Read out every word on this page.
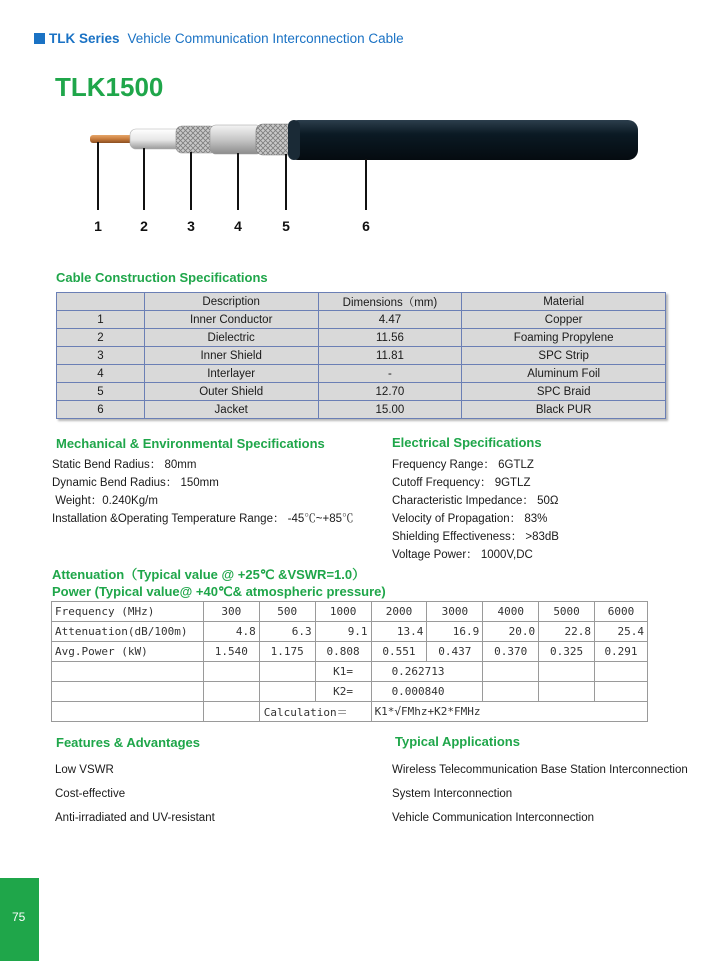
TLK Series Vehicle Communication Interconnection Cable
TLK1500
1	2	3	4	5	6
Cable Construction Specifications
	Description	Dimensions（mm)	Material
1	Inner Conductor	4.47	Copper
2	Dielectric	11.56	Foaming Propylene
3	Inner Shield	11.81	SPC Strip
4	Interlayer	-	Aluminum Foil
5	Outer Shield	12.70	SPC Braid
6	Jacket	15.00	Black PUR
Mechanical & Environmental Specifications
Static Bend Radius： 80mm
Dynamic Bend Radius： 150mm
Weight：0.240Kg/m
Installation &Operating Temperature Range： -45℃~+85℃
Electrical Specifications
Frequency Range： 6GTLZ
Cutoff Frequency： 9GTLZ
Characteristic Impedance： 50Ω
Velocity of Propagation： 83%
Shielding Effectiveness： >83dB
Voltage Power： 1000V,DC
Attenuation（Typical value @ +25℃ &VSWR=1.0）
Power (Typical value@ +40℃& atmospheric pressure)
Frequency (MHz)	300	500	1000	2000	3000	4000	5000	6000
Attenuation(dB/100m)	4.8	6.3	9.1	13.4	16.9	20.0	22.8	25.4
Avg.Power (kW)	1.540	1.175	0.808	0.551	0.437	0.370	0.325	0.291
			K1=	0.262713				
			K2=	0.000840				
		Calculation＝		K1*√FMhz+K2*FMHz				
Features & Advantages
Low VSWR
Cost-effective
Anti-irradiated and UV-resistant
Typical Applications
Wireless Telecommunication Base Station Interconnection
System Interconnection
Vehicle Communication Interconnection
75
